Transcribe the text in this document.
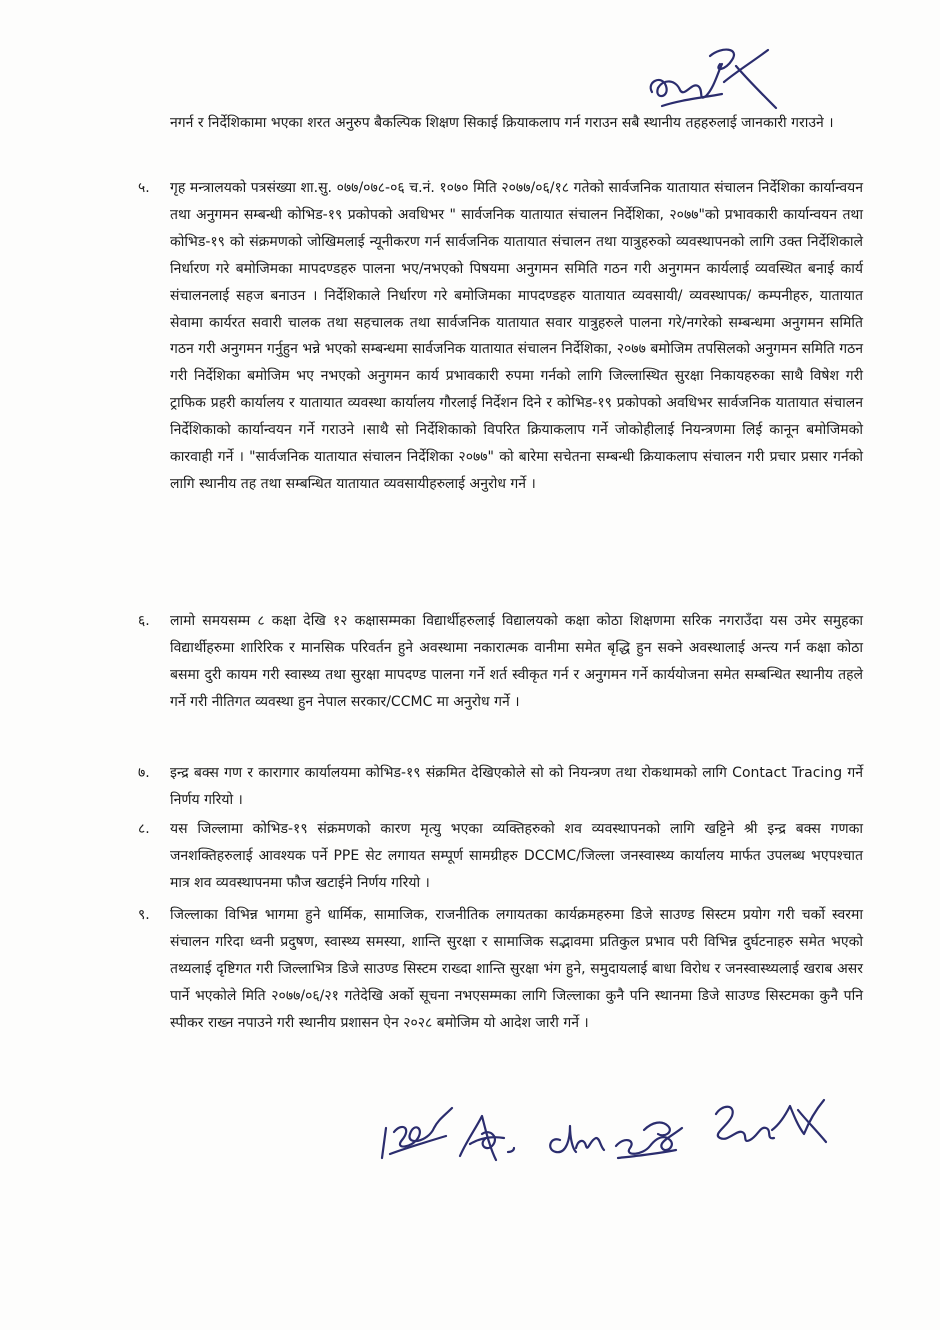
नगर्न र निर्देशिकामा भएका शरत अनुरुप बैकल्पिक शिक्षण सिकाई क्रियाकलाप गर्न गराउन सबै स्थानीय तहहरुलाई जानकारी गराउने ।

५.	गृह मन्त्रालयको पत्रसंख्या शा.सु. ०७७/०७८-०६ च.नं. १०७० मिति २०७७/०६/१८ गतेको सार्वजनिक यातायात संचालन निर्देशिका कार्यान्वयन तथा अनुगमन सम्बन्धी कोभिड-१९ प्रकोपको अवधिभर " सार्वजनिक यातायात संचालन निर्देशिका, २०७७"को प्रभावकारी कार्यान्वयन तथा कोभिड-१९ को संक्रमणको जोखिमलाई न्यूनीकरण गर्न सार्वजनिक यातायात संचालन तथा यात्रुहरुको व्यवस्थापनको लागि उक्त निर्देशिकाले निर्धारण गरे बमोजिमका मापदण्डहरु पालना भए/नभएको पिषयमा अनुगमन समिति गठन गरी अनुगमन कार्यलाई व्यवस्थित बनाई कार्य संचालनलाई सहज बनाउन । निर्देशिकाले निर्धारण गरे बमोजिमका मापदण्डहरु यातायात व्यवसायी/ व्यवस्थापक/ कम्पनीहरु, यातायात सेवामा कार्यरत सवारी चालक तथा सहचालक तथा सार्वजनिक यातायात सवार यात्रुहरुले पालना गरे/नगरेको सम्बन्धमा अनुगमन समिति गठन गरी अनुगमन गर्नुहुन भन्ने भएको सम्बन्धमा सार्वजनिक यातायात संचालन निर्देशिका, २०७७ बमोजिम तपसिलको अनुगमन समिति गठन गरी निर्देशिका बमोजिम भए नभएको अनुगमन कार्य प्रभावकारी रुपमा गर्नको लागि जिल्लास्थित सुरक्षा निकायहरुका साथै विषेश गरी ट्राफिक प्रहरी कार्यालय र यातायात व्यवस्था कार्यालय गौरलाई निर्देशन दिने र कोभिड-१९ प्रकोपको अवधिभर सार्वजनिक यातायात संचालन निर्देशिकाको कार्यान्वयन गर्ने गराउने ।साथै सो निर्देशिकाको विपरित क्रियाकलाप गर्ने जोकोहीलाई नियन्त्रणमा लिई कानून बमोजिमको कारवाही गर्ने । "सार्वजनिक यातायात संचालन निर्देशिका २०७७" को बारेमा सचेतना सम्बन्धी क्रियाकलाप संचालन गरी प्रचार प्रसार गर्नको लागि स्थानीय तह तथा सम्बन्धित यातायात व्यवसायीहरुलाई अनुरोध गर्ने ।

६.	लामो समयसम्म ८ कक्षा देखि १२ कक्षासम्मका विद्यार्थीहरुलाई विद्यालयको कक्षा कोठा शिक्षणमा सरिक नगराउँदा यस उमेर समुहका विद्यार्थीहरुमा शारिरिक र मानसिक परिवर्तन हुने अवस्थामा नकारात्मक वानीमा समेत बृद्धि हुन सक्ने अवस्थालाई अन्त्य गर्न कक्षा कोठा बसमा दुरी कायम गरी स्वास्थ्य तथा सुरक्षा मापदण्ड पालना गर्ने शर्त स्वीकृत गर्न र अनुगमन गर्ने कार्ययोजना समेत सम्बन्धित स्थानीय तहले गर्ने गरी नीतिगत व्यवस्था हुन नेपाल सरकार/CCMC मा अनुरोध गर्ने ।

७.	इन्द्र बक्स गण र कारागार कार्यालयमा कोभिड-१९ संक्रमित देखिएकोले सो को नियन्त्रण तथा रोकथामको लागि Contact Tracing गर्ने निर्णय गरियो ।

८.	यस जिल्लामा कोभिड-१९ संक्रमणको कारण मृत्यु भएका व्यक्तिहरुको शव व्यवस्थापनको लागि खट्टिने श्री इन्द्र बक्स गणका जनशक्तिहरुलाई आवश्यक पर्ने PPE सेट लगायत सम्पूर्ण सामग्रीहरु DCCMC/जिल्ला जनस्वास्थ्य कार्यालय मार्फत उपलब्ध भएपश्चात मात्र शव व्यवस्थापनमा फौज खटाईने निर्णय गरियो ।

९.	जिल्लाका विभिन्न भागमा हुने धार्मिक, सामाजिक, राजनीतिक लगायतका कार्यक्रमहरुमा डिजे साउण्ड सिस्टम प्रयोग गरी चर्को स्वरमा संचालन गरिदा ध्वनी प्रदुषण, स्वास्थ्य समस्या, शान्ति सुरक्षा र सामाजिक सद्भावमा प्रतिकुल प्रभाव परी विभिन्न दुर्घटनाहरु समेत भएको तथ्यलाई दृष्टिगत गरी जिल्लाभित्र डिजे साउण्ड सिस्टम राख्दा शान्ति सुरक्षा भंग हुने, समुदायलाई बाधा विरोध र जनस्वास्थ्यलाई खराब असर पार्ने भएकोले मिति २०७७/०६/२१ गतेदेखि अर्को सूचना नभएसम्मका लागि जिल्लाका कुनै पनि स्थानमा डिजे साउण्ड सिस्टमका कुनै पनि स्पीकर राख्न नपाउने गरी स्थानीय प्रशासन ऐन २०२८ बमोजिम यो आदेश जारी गर्ने ।
